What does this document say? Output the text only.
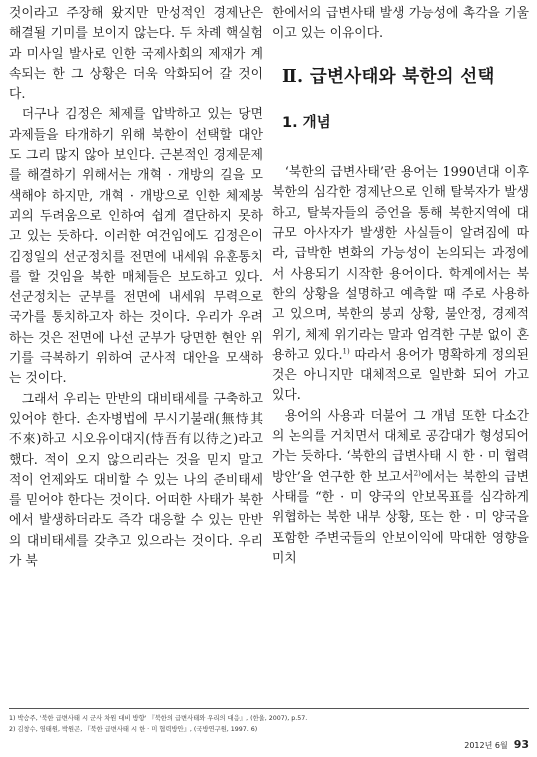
것이라고 주장해 왔지만 만성적인 경제난은 해결될 기미를 보이지 않는다. 두 차례 핵실험과 미사일 발사로 인한 국제사회의 제재가 계속되는 한 그 상황은 더욱 악화되어 갈 것이다.

더구나 김정은 체제를 압박하고 있는 당면과제들을 타개하기 위해 북한이 선택할 대안도 그리 많지 않아 보인다. 근본적인 경제문제를 해결하기 위해서는 개혁 · 개방의 길을 모색해야 하지만, 개혁 · 개방으로 인한 체제붕괴의 두려움으로 인하여 쉽게 결단하지 못하고 있는 듯하다. 이러한 여건임에도 김정은이 김정일의 선군정치를 전면에 내세워 유훈통치를 할 것임을 북한 매체들은 보도하고 있다. 선군정치는 군부를 전면에 내세워 무력으로 국가를 통치하고자 하는 것이다. 우리가 우려하는 것은 전면에 나선 군부가 당면한 현안 위기를 극복하기 위하여 군사적 대안을 모색하는 것이다.

그래서 우리는 만반의 대비태세를 구축하고 있어야 한다. 손자병법에 무시기불래(無恃其不來)하고 시오유이대지(恃吾有以待之)라고 했다. 적이 오지 않으리라는 것을 믿지 말고 적이 언제와도 대비할 수 있는 나의 준비태세를 믿어야 한다는 것이다. 어떠한 사태가 북한에서 발생하더라도 즉각 대응할 수 있는 만반의 대비태세를 갖추고 있으라는 것이다. 우리가 북

한에서의 급변사태 발생 가능성에 촉각을 기울이고 있는 이유이다.

Ⅱ. 급변사태와 북한의 선택
1. 개념

‘북한의 급변사태’란 용어는 1990년대 이후 북한의 심각한 경제난으로 인해 탈북자가 발생하고, 탈북자들의 증언을 통해 북한지역에 대규모 아사자가 발생한 사실들이 알려짐에 따라, 급박한 변화의 가능성이 논의되는 과정에서 사용되기 시작한 용어이다. 학계에서는 북한의 상황을 설명하고 예측할 때 주로 사용하고 있으며, 북한의 붕괴 상황, 불안정, 경제적 위기, 체제 위기라는 말과 엄격한 구분 없이 혼용하고 있다.$^{1)}$ 따라서 용어가 명확하게 정의된 것은 아니지만 대체적으로 일반화 되어 가고 있다.

용어의 사용과 더불어 그 개념 또한 다소간의 논의를 거치면서 대체로 공감대가 형성되어 가는 듯하다. ‘북한의 급변사태 시 한 · 미 협력 방안’을 연구한 한 보고서$^{2)}$에서는 북한의 급변사태를 “한 · 미 양국의 안보목표를 심각하게 위협하는 북한 내부 상황, 또는 한 · 미 양국을 포함한 주변국들의 안보이익에 막대한 영향을 미치

1) 박승주, '북한 급변사태 시 군사 차원 대비 방향' 『북한의 급변사태와 우리의 대응』, (한울, 2007), p.57.
2) 김창수, 염태원, 박원곤, 『북한 급변사태 시 한 · 미 협력방안』, (국방연구원, 1997. 6)
2012년 6월 93
